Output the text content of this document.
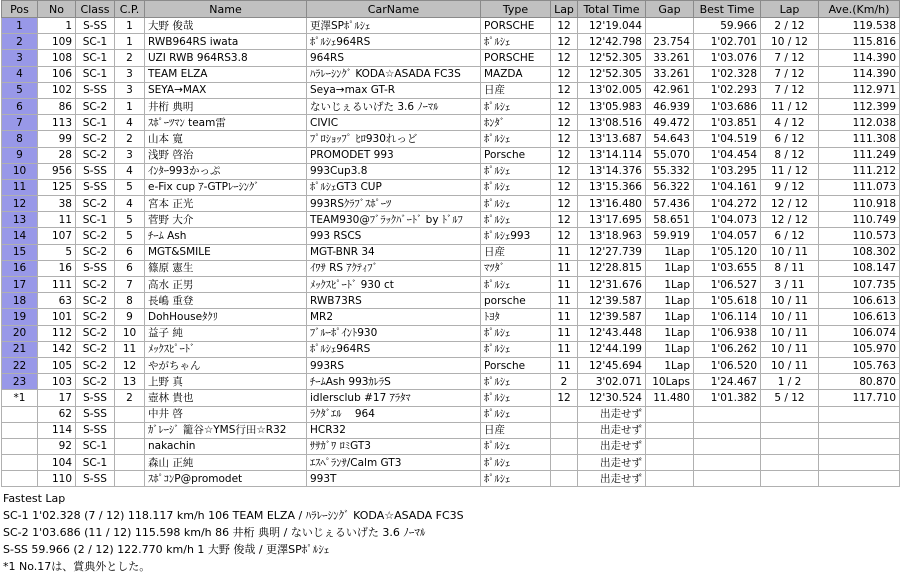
Pos	No	Class	C.P.	Name	CarName	Type	Lap	Total Time	Gap	Best Time	Lap	Ave.(Km/h)
1	1	S-SS	1	大野 俊哉	更澤SPﾎﾟﾙｼｪ	PORSCHE	12	12'19.044		59.966	2 / 12	119.538
2	109	SC-1	1	RWB964RS iwata	ﾎﾟﾙｼｪ964RS	ﾎﾟﾙｼｪ	12	12'42.798	23.754	1'02.701	10 / 12	115.816
3	108	SC-1	2	UZI RWB 964RS3.8	964RS	PORSCHE	12	12'52.305	33.261	1'03.076	7 / 12	114.390
4	106	SC-1	3	TEAM ELZA	ﾊﾗﾚｰｼﾝｸﾞ KODA☆ASADA FC3S	MAZDA	12	12'52.305	33.261	1'02.328	7 / 12	114.390
5	102	S-SS	3	SEYA→MAX	Seya→max GT-R	日産	12	13'02.005	42.961	1'02.293	7 / 12	112.971
6	86	SC-2	1	井桁 典明	ないじぇるいげた 3.6 ﾉｰﾏﾙ	ﾎﾟﾙｼｪ	12	13'05.983	46.939	1'03.686	11 / 12	112.399
7	113	SC-1	4	ｽﾎﾟｰﾂﾏﾝ team雷	CIVIC	ﾎﾝﾀﾞ	12	13'08.516	49.472	1'03.851	4 / 12	112.038
8	99	SC-2	2	山本 寛	ﾌﾟﾛｼｮｯﾌﾟ ﾋﾛ930れっど	ﾎﾟﾙｼｪ	12	13'13.687	54.643	1'04.519	6 / 12	111.308
9	28	SC-2	3	浅野 啓治	PROMODET 993	Porsche	12	13'14.114	55.070	1'04.454	8 / 12	111.249
10	956	S-SS	4	ｲﾝﾀｰ993かっぷ	993Cup3.8	ﾎﾟﾙｼｪ	12	13'14.376	55.332	1'03.295	11 / 12	111.212
11	125	S-SS	5	e-Fix cup ｱ-GTPﾚｰｼﾝｸﾞ	ﾎﾟﾙｼｪGT3 CUP	ﾎﾟﾙｼｪ	12	13'15.366	56.322	1'04.161	9 / 12	111.073
12	38	SC-2	4	宮本 正光	993RSｸﾗﾌﾞｽﾎﾟｰﾂ	ﾎﾟﾙｼｪ	12	13'16.480	57.436	1'04.272	12 / 12	110.918
13	11	SC-1	5	菅野 大介	TEAM930@ﾌﾞﾗｯｸﾊﾞｰﾄﾞ by ﾄﾞﾙﾌ	ﾎﾟﾙｼｪ	12	13'17.695	58.651	1'04.073	12 / 12	110.749
14	107	SC-2	5	ﾁｰﾑ Ash	993 RSCS	ﾎﾟﾙｼｪ993	12	13'18.963	59.919	1'04.057	6 / 12	110.573
15	5	SC-2	6	MGT&SMILE	MGT-BNR 34	日産	11	12'27.739	1Lap	1'05.120	10 / 11	108.302
16	16	S-SS	6	篠原 憲生	ｲﾜｻ RS ｱｸﾃｨﾌﾞ	ﾏﾂﾀﾞ	11	12'28.815	1Lap	1'03.655	8 / 11	108.147
17	111	SC-2	7	高水 正男	ﾒｯｸｽﾋﾟｰﾄﾞ 930 ct	ﾎﾟﾙｼｪ	11	12'31.676	1Lap	1'06.527	3 / 11	107.735
18	63	SC-2	8	長嶋 重登	RWB73RS	porsche	11	12'39.587	1Lap	1'05.618	10 / 11	106.613
19	101	SC-2	9	DohHouseﾀｸﾘ	MR2	ﾄﾖﾀ	11	12'39.587	1Lap	1'06.114	10 / 11	106.613
20	112	SC-2	10	益子 純	ﾌﾞﾙｰﾎﾟｲﾝﾄ930	ﾎﾟﾙｼｪ	11	12'43.448	1Lap	1'06.938	10 / 11	106.074
21	142	SC-2	11	ﾒｯｸｽﾋﾟｰﾄﾞ	ﾎﾟﾙｼｪ964RS	ﾎﾟﾙｼｪ	11	12'44.199	1Lap	1'06.262	10 / 11	105.970
22	105	SC-2	12	やがちゃん	993RS	Porsche	11	12'45.694	1Lap	1'06.520	10 / 11	105.763
23	103	SC-2	13	上野 真	ﾁｰﾑAsh 993ｶﾚﾗS	ﾎﾟﾙｼｪ	2	3'02.071	10Laps	1'24.467	1 / 2	80.870
*1	17	S-SS	2	壺林 貴也	idlersclub #17 ｱﾗﾀﾏ	ﾎﾟﾙｼｪ	12	12'30.524	11.480	1'01.382	5 / 12	117.710
	62	S-SS		中井 啓	ﾗｸﾀﾞｴﾙ    964	ﾎﾟﾙｼｪ		出走せず				
	114	S-SS		ｶﾞﾚｰｼﾞ 籠谷☆YMS行田☆R32	HCR32	日産		出走せず				
	92	SC-1		nakachin	ｻｻｶﾞﾜ ﾛﾐGT3	ﾎﾟﾙｼｪ		出走せず				
	104	SC-1		森山 正純	ｴｽﾍﾟﾗﾝｻ/Calm GT3	ﾎﾟﾙｼｪ		出走せず				
	110	S-SS		ｽﾎﾟｺﾝP@promodet	993T	ﾎﾟﾙｼｪ		出走せず				
Fastest Lap
SC-1 1'02.328 (7 / 12) 118.117 km/h 106 TEAM ELZA / ﾊﾗﾚｰｼﾝｸﾞ KODA☆ASADA FC3S
SC-2 1'03.686 (11 / 12) 115.598 km/h 86 井桁 典明 / ないじぇるいげた 3.6 ﾉｰﾏﾙ
S-SS 59.966 (2 / 12) 122.770 km/h 1 大野 俊哉 / 更澤SPﾎﾟﾙｼｪ
*1 No.17は、賞典外とした。
